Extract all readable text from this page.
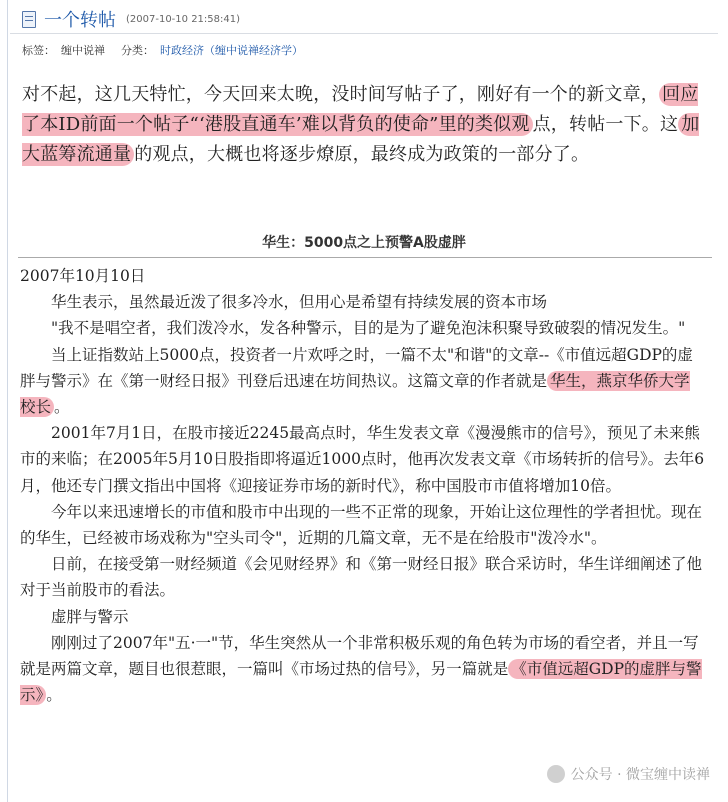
一个转帖 (2007-10-10 21:58:41)
标签： 缠中说禅 分类： 时政经济（缠中说禅经济学）
对不起，这几天特忙，今天回来太晚，没时间写帖子了，刚好有一个的新文章， 回应了本ID前面一个帖子“‘港股直通车’难以背负的使命”里的类似观 点，转帖一下。这 加大蓝筹流通量 的观点，大概也将逐步燎原，最终成为政策的一部分了。
华生：5000点之上预警A股虚胖

2007年10月10日

华生表示，虽然最近泼了很多冷水，但用心是希望有持续发展的资本市场

"我不是唱空者，我们泼冷水，发各种警示，目的是为了避免泡沫积聚导致破裂的情况发生。"

当上证指数站上5000点，投资者一片欢呼之时，一篇不太"和谐"的文章--《市值远超GDP的虚胖与警示》在《第一财经日报》刊登后迅速在坊间热议。这篇文章的作者就是 华生，燕京华侨大学校长 。

2001年7月1日，在股市接近2245最高点时，华生发表文章《漫漫熊市的信号》，预见了未来熊市的来临；在2005年5月10日股指即将逼近1000点时，他再次发表文章《市场转折的信号》。去年6月，他还专门撰文指出中国将《迎接证券市场的新时代》，称中国股市市值将增加10倍。

今年以来迅速增长的市值和股市中出现的一些不正常的现象，开始让这位理性的学者担忧。现在的华生，已经被市场戏称为"空头司令"，近期的几篇文章，无不是在给股市"泼冷水"。

日前，在接受第一财经频道《会见财经界》和《第一财经日报》联合采访时，华生详细阐述了他对于当前股市的看法。

虚胖与警示

刚刚过了2007年"五·一"节，华生突然从一个非常积极乐观的角色转为市场的看空者，并且一写就是两篇文章，题目也很惹眼，一篇叫《市场过热的信号》，另一篇就是 《市值远超GDP的虚胖与警示》 。

公众号 · 微宝缠中读禅
